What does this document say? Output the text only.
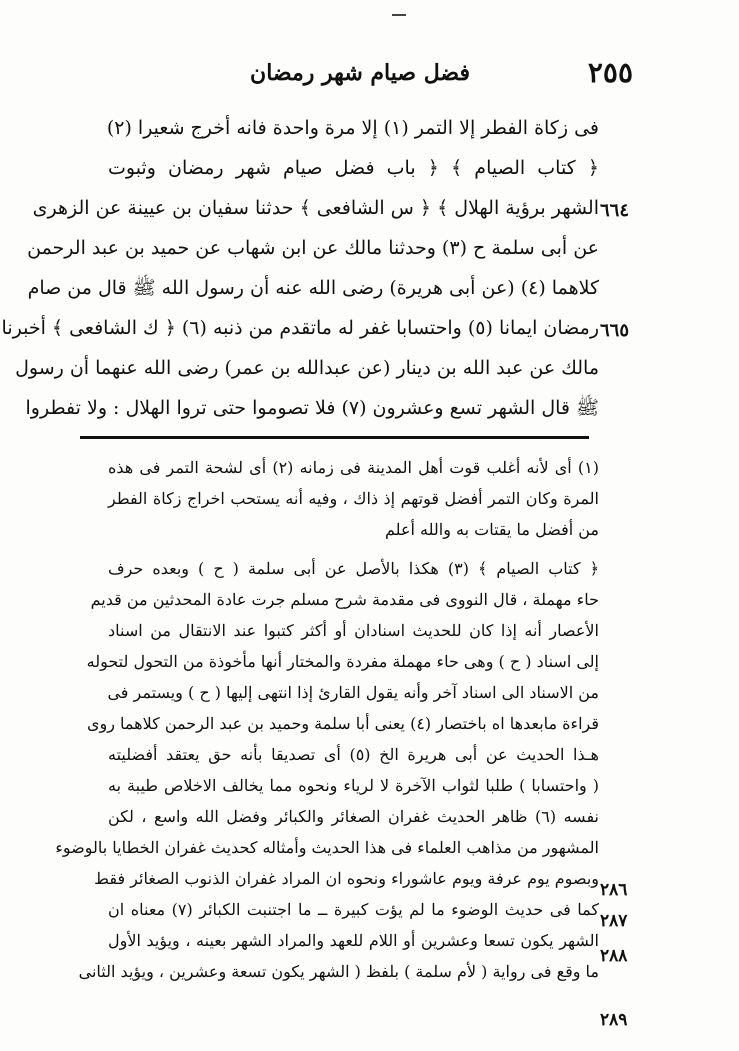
فضل صيام شهر رمضان	٢٥٥
فى زكاة الفطر إلا التمر (١) إلا مرة واحدة فانه أخرج شعيرا (٢)
﴿ كتاب الصيام ﴾ ﴿ باب فضل صيام شهر رمضان وثبوت
الشهر برؤية الهلال ﴾ ﴿ س الشافعى ﴾ حدثنا سفيان بن عيينة عن الزهرى
عن أبى سلمة ح (٣) وحدثنا مالك عن ابن شهاب عن حميد بن عبد الرحمن
كلاهما (٤) (عن أبى هريرة) رضى الله عنه أن رسول الله ﷺ قال من صام
رمضان ايمانا (٥) واحتسابا غفر له ماتقدم من ذنبه (٦) ﴿ ك الشافعى ﴾ أخبرنا
مالك عن عبد الله بن دينار (عن عبدالله بن عمر) رضى الله عنهما أن رسول
ﷺ قال الشهر تسع وعشرون (٧) فلا تصوموا حتى تروا الهلال : ولا تفطروا
٦٦٤
٦٦٥
(١) أى لأنه أغلب قوت أهل المدينة فى زمانه (٢) أى لشحة التمر فى هذه
المرة وكان التمر أفضل قوتهم إذ ذاك ، وفيه أنه يستحب اخراج زكاة الفطر
من أفضل ما يقتات به والله أعلم
﴿ كتاب الصيام ﴾ (٣) هكذا بالأصل عن أبى سلمة ( ح ) وبعده حرف
حاء مهملة ، قال النووى فى مقدمة شرح مسلم جرت عادة المحدثين من قديم
الأعصار أنه إذا كان للحديث اسنادان أو أكثر كتبوا عند الانتقال من اسناد
إلى اسناد ( ح ) وهى حاء مهملة مفردة والمختار أنها مأخوذة من التحول لتحوله
من الاسناد الى اسناد آخر وأنه يقول القارئ إذا انتهى إليها ( ح ) ويستمر فى
قراءة مابعدها اه باختصار (٤) يعنى أبا سلمة وحميد بن عبد الرحمن كلاهما روى
هـذا الحديث عن أبى هريرة الخ (٥) أى تصديقا بأنه حق يعتقد أفضليته
( واحتسابا ) طلبا لثواب الآخرة لا لرياء ونحوه مما يخالف الاخلاص طيبة به
نفسه (٦) ظاهر الحديث غفران الصغائر والكبائر وفضل الله واسع ، لكن
المشهور من مذاهب العلماء فى هذا الحديث وأمثاله كحديث غفران الخطايا بالوضوء
وبصوم يوم عرفة ويوم عاشوراء ونحوه ان المراد غفران الذنوب الصغائر فقط
كما فى حديث الوضوء ما لم يؤت كبيرة ــ ما اجتنبت الكبائر (٧) معناه ان
الشهر يكون تسعا وعشرين أو اللام للعهد والمراد الشهر بعينه ، ويؤيد الأول
ما وقع فى رواية ( لأم سلمة ) بلفظ ( الشهر يكون تسعة وعشرين ، ويؤيد الثانى
٢٨٦
٢٨٧
٢٨٨
٢٨٩
